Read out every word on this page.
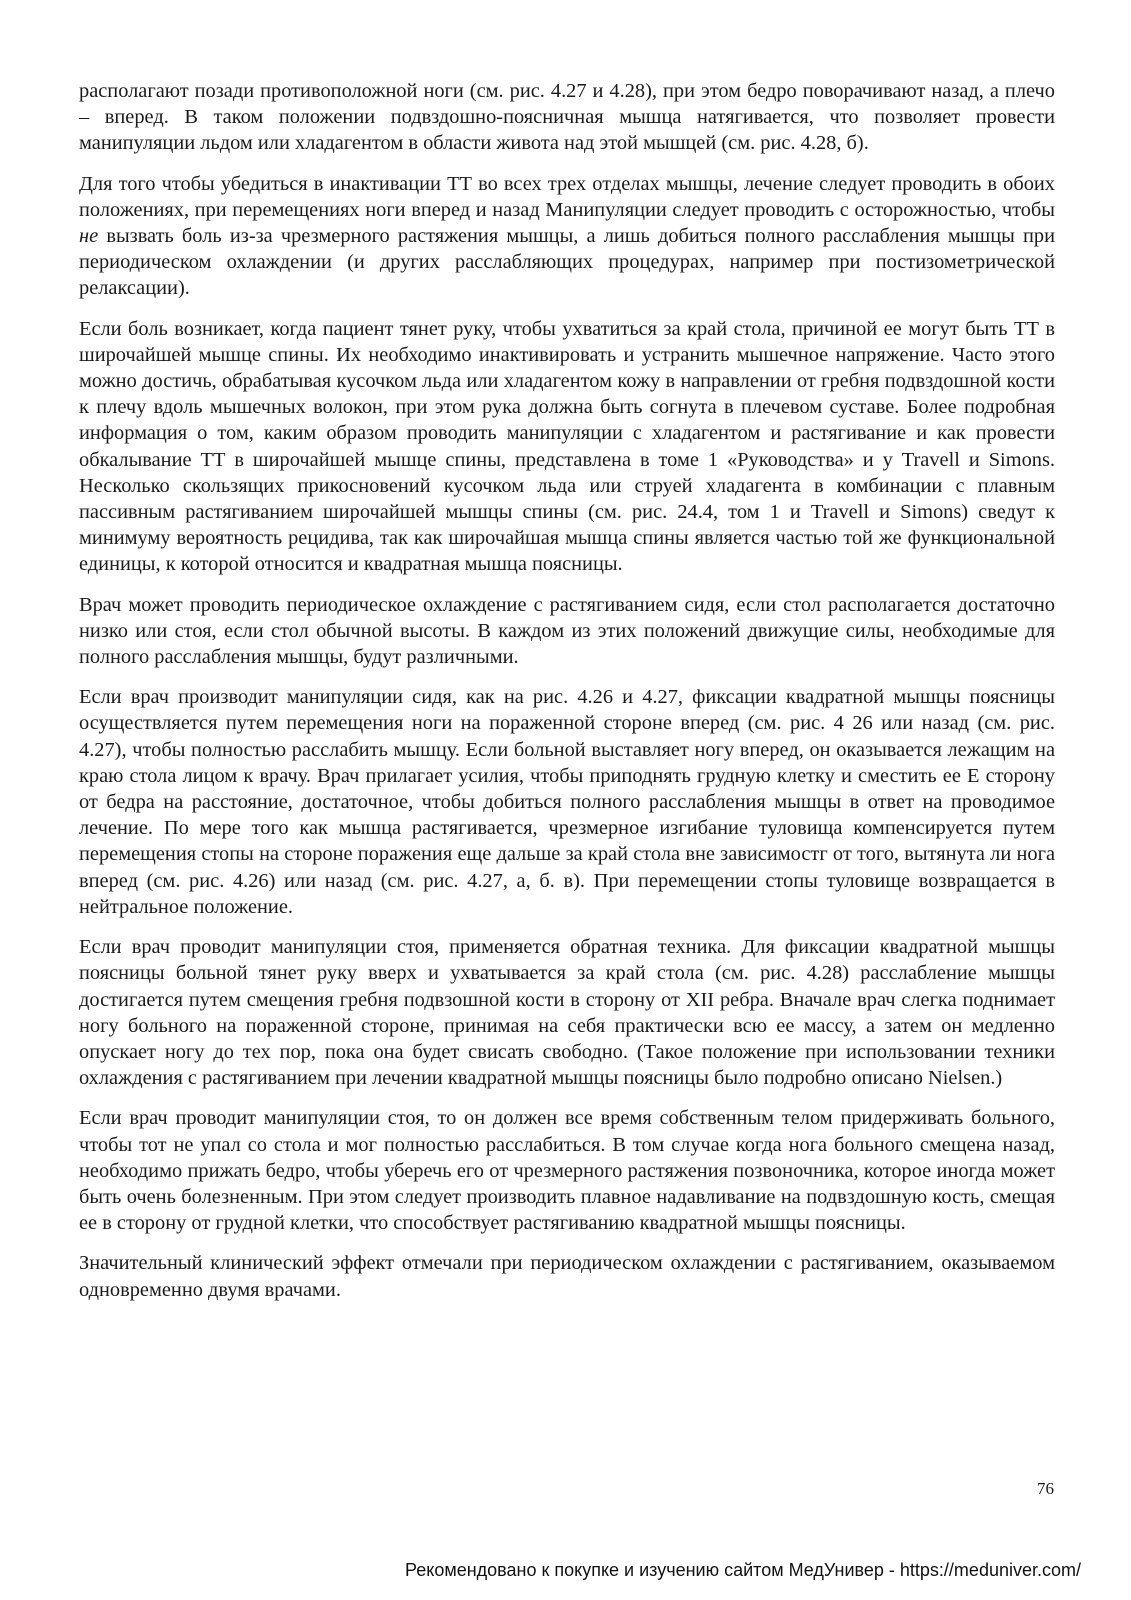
располагают позади противоположной ноги (см. рис. 4.27 и 4.28), при этом бедро поворачивают назад, а плечо – вперед. В таком положении подвздошно-поясничная мышца натягивается, что позволяет провести манипуляции льдом или хладагентом в области живота над этой мышцей (см. рис. 4.28, б).

Для того чтобы убедиться в инактивации ТТ во всех трех отделах мышцы, лечение следует проводить в обоих положениях, при перемещениях ноги вперед и назад Манипуляции следует проводить с осторожностью, чтобы не вызвать боль из-за чрезмерного растяжения мышцы, а лишь добиться полного расслабления мышцы при периодическом охлаждении (и других расслабляющих процедурах, например при постизометрической релаксации).

Если боль возникает, когда пациент тянет руку, чтобы ухватиться за край стола, причиной ее могут быть ТТ в широчайшей мышце спины. Их необходимо инактивировать и устранить мышечное напряжение. Часто этого можно достичь, обрабатывая кусочком льда или хладагентом кожу в направлении от гребня подвздошной кости к плечу вдоль мышечных волокон, при этом рука должна быть согнута в плечевом суставе. Более подробная информация о том, каким образом проводить манипуляции с хладагентом и растягивание и как провести обкалывание ТТ в широчайшей мышце спины, представлена в томе 1 «Руководства» и у Travell и Simons. Несколько скользящих прикосновений кусочком льда или струей хладагента в комбинации с плавным пассивным растягиванием широчайшей мышцы спины (см. рис. 24.4, том 1 и Travell и Simons) сведут к минимуму вероятность рецидива, так как широчайшая мышца спины является частью той же функциональной единицы, к которой относится и квадратная мышца поясницы.

Врач может проводить периодическое охлаждение с растягиванием сидя, если стол располагается достаточно низко или стоя, если стол обычной высоты. В каждом из этих положений движущие силы, необходимые для полного расслабления мышцы, будут различными.

Если врач производит манипуляции сидя, как на рис. 4.26 и 4.27, фиксации квадратной мышцы поясницы осуществляется путем перемещения ноги на пораженной стороне вперед (см. рис. 4 26 или назад (см. рис. 4.27), чтобы полностью расслабить мышцу. Если больной выставляет ногу вперед, он оказывается лежащим на краю стола лицом к врачу. Врач прилагает усилия, чтобы приподнять грудную клетку и сместить ее Е сторону от бедра на расстояние, достаточное, чтобы добиться полного расслабления мышцы в ответ на проводимое лечение. По мере того как мышца растягивается, чрезмерное изгибание туловища компенсируется путем перемещения стопы на стороне поражения еще дальше за край стола вне зависимостг от того, вытянута ли нога вперед (см. рис. 4.26) или назад (см. рис. 4.27, а, б. в). При перемещении стопы туловище возвращается в нейтральное положение.

Если врач проводит манипуляции стоя, применяется обратная техника. Для фиксации квадратной мышцы поясницы больной тянет руку вверх и ухватывается за край стола (см. рис. 4.28) расслабление мышцы достигается путем смещения гребня подвзошной кости в сторону от XII ребра. Вначале врач слегка поднимает ногу больного на пораженной стороне, принимая на себя практически всю ее массу, а затем он медленно опускает ногу до тех пор, пока она будет свисать свободно. (Такое положение при использовании техники охлаждения с растягиванием при лечении квадратной мышцы поясницы было подробно описано Nielsen.)

Если врач проводит манипуляции стоя, то он должен все время собственным телом придерживать больного, чтобы тот не упал со стола и мог полностью расслабиться. В том случае когда нога больного смещена назад, необходимо прижать бедро, чтобы уберечь его от чрезмерного растяжения позвоночника, которое иногда может быть очень болезненным. При этом следует производить плавное надавливание на подвздошную кость, смещая ее в сторону от грудной клетки, что способствует растягиванию квадратной мышцы поясницы.

Значительный клинический эффект отмечали при периодическом охлаждении с растягиванием, оказываемом одновременно двумя врачами.

76
Рекомендовано к покупке и изучению сайтом МедУнивер - https://meduniver.com/
